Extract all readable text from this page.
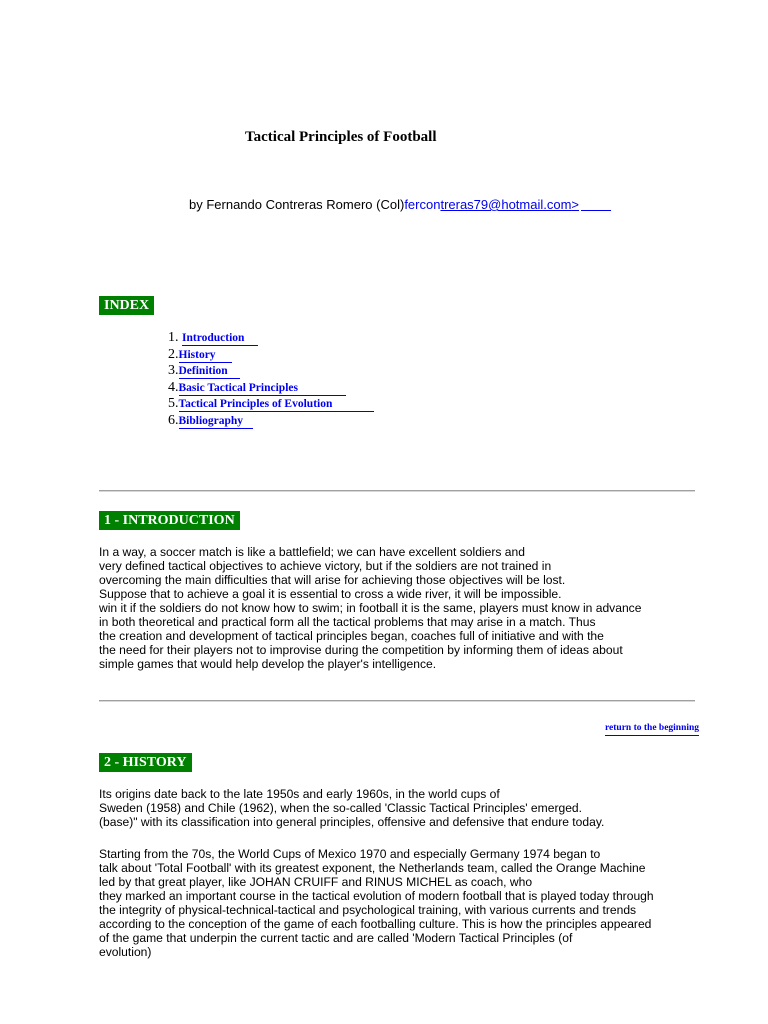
Tactical Principles of Football
by Fernando Contreras Romero (Col)fercontreras79@hotmail.com>
INDEX
1. Introduction
2.History
3.Definition
4.Basic Tactical Principles
5.Tactical Principles of Evolution
6.Bibliography
1 - INTRODUCTION
In a way, a soccer match is like a battlefield; we can have excellent soldiers and
very defined tactical objectives to achieve victory, but if the soldiers are not trained in
overcoming the main difficulties that will arise for achieving those objectives will be lost.
Suppose that to achieve a goal it is essential to cross a wide river, it will be impossible.
win it if the soldiers do not know how to swim; in football it is the same, players must know in advance
in both theoretical and practical form all the tactical problems that may arise in a match. Thus
the creation and development of tactical principles began, coaches full of initiative and with the
the need for their players not to improvise during the competition by informing them of ideas about
simple games that would help develop the player's intelligence.
return to the beginning
2 - HISTORY
Its origins date back to the late 1950s and early 1960s, in the world cups of
Sweden (1958) and Chile (1962), when the so-called 'Classic Tactical Principles' emerged.
(base)" with its classification into general principles, offensive and defensive that endure today.
Starting from the 70s, the World Cups of Mexico 1970 and especially Germany 1974 began to
talk about 'Total Football' with its greatest exponent, the Netherlands team, called the Orange Machine
led by that great player, like JOHAN CRUIFF and RINUS MICHEL as coach, who
they marked an important course in the tactical evolution of modern football that is played today through
the integrity of physical-technical-tactical and psychological training, with various currents and trends
according to the conception of the game of each footballing culture. This is how the principles appeared
of the game that underpin the current tactic and are called 'Modern Tactical Principles (of
evolution)
